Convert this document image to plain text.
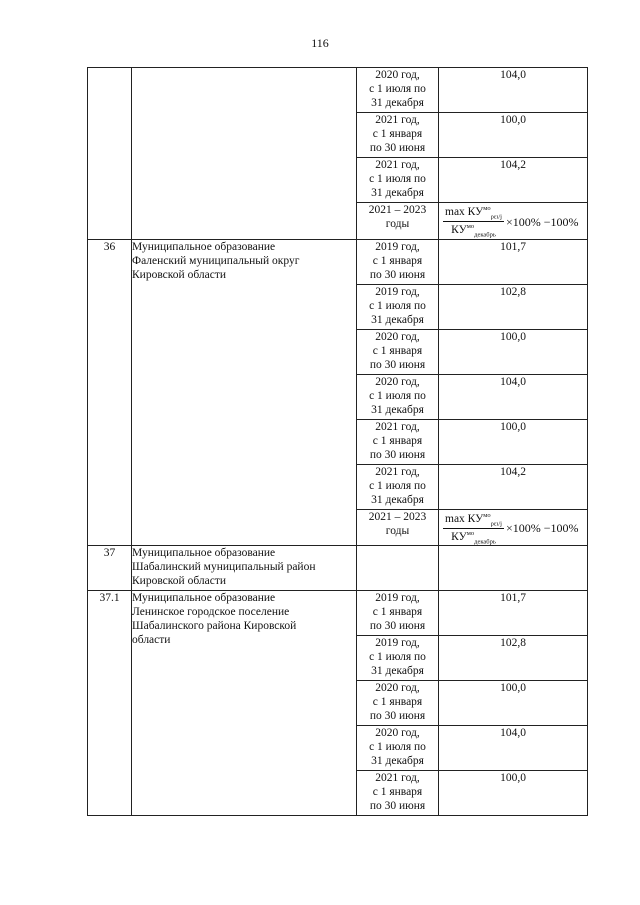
116
		2020 год,
с 1 июля по
31 декабря	104,0
		2021 год,
с 1 января
по 30 июня	100,0
		2021 год,
с 1 июля по
31 декабря	104,2
		2021 – 2023
годы	$\frac{\max КУ^{мо}_{\rho\varepsilon\iota/j}}{КУ^{мо}_{декабрь}} \times 100\% -100\%$

36	Муниципальное образование
Фаленский муниципальный округ
Кировской области	2019 год,
с 1 января
по 30 июня	101,7
		2019 год,
с 1 июля по
31 декабря	102,8
		2020 год,
с 1 января
по 30 июня	100,0
		2020 год,
с 1 июля по
31 декабря	104,0
		2021 год,
с 1 января
по 30 июня	100,0
		2021 год,
с 1 июля по
31 декабря	104,2
		2021 – 2023
годы	$\frac{\max КУ^{мо}_{\rho\varepsilon\iota/j}}{КУ^{мо}_{декабрь}} \times 100\% -100\%$

37	Муниципальное образование
Шабалинский муниципальный район
Кировской области		
37.1	Муниципальное образование
Ленинское городское поселение
Шабалинского района Кировской
области	2019 год,
с 1 января
по 30 июня	101,7
		2019 год,
с 1 июля по
31 декабря	102,8
		2020 год,
с 1 января
по 30 июня	100,0
		2020 год,
с 1 июля по
31 декабря	104,0
		2021 год,
с 1 января
по 30 июня	100,0
